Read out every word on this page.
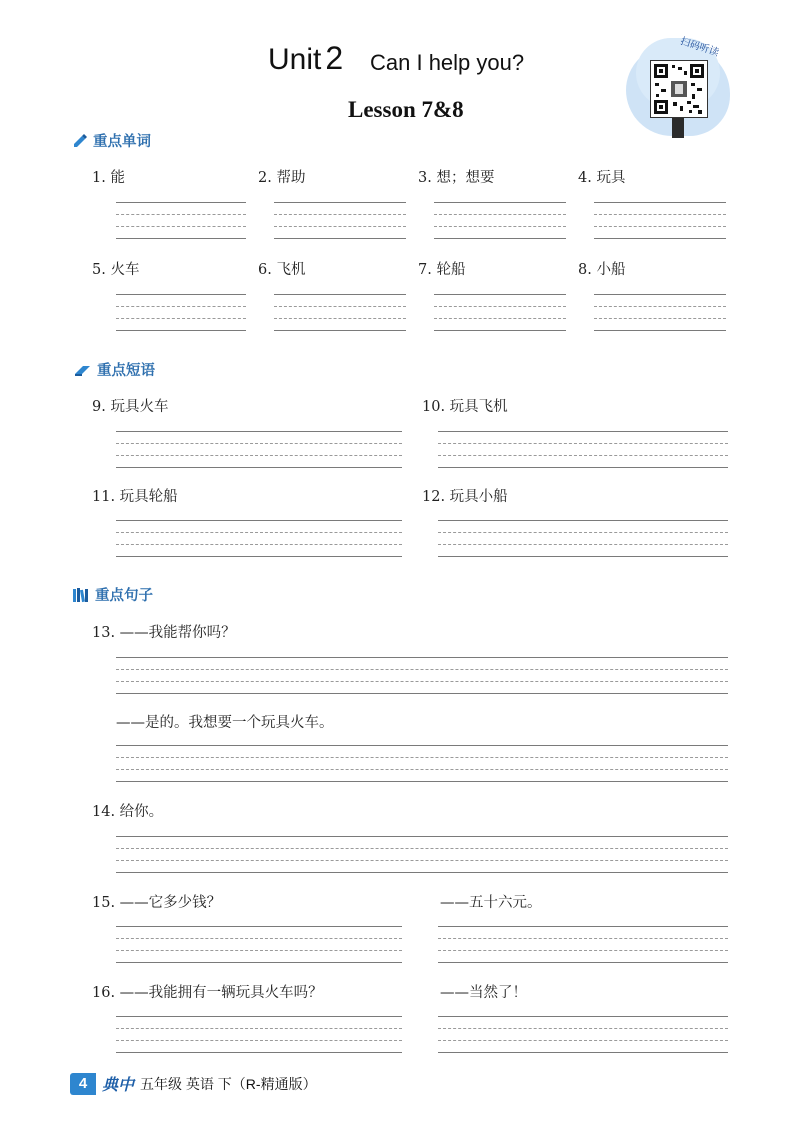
Unit 2 Can I help you?
Lesson 7&8
扫码听读
重点单词
1. 能	2. 帮助	3. 想；想要	4. 玩具
5. 火车	6. 飞机	7. 轮船	8. 小船
重点短语
9. 玩具火车	10. 玩具飞机
11. 玩具轮船	12. 玩具小船
重点句子
13. ——我能帮你吗？
——是的。我想要一个玩具火车。
14. 给你。
15. ——它多少钱？	——五十六元。
16. ——我能拥有一辆玩具火车吗？	——当然了！
4 典中 五年级 英语 下（R-精通版）
